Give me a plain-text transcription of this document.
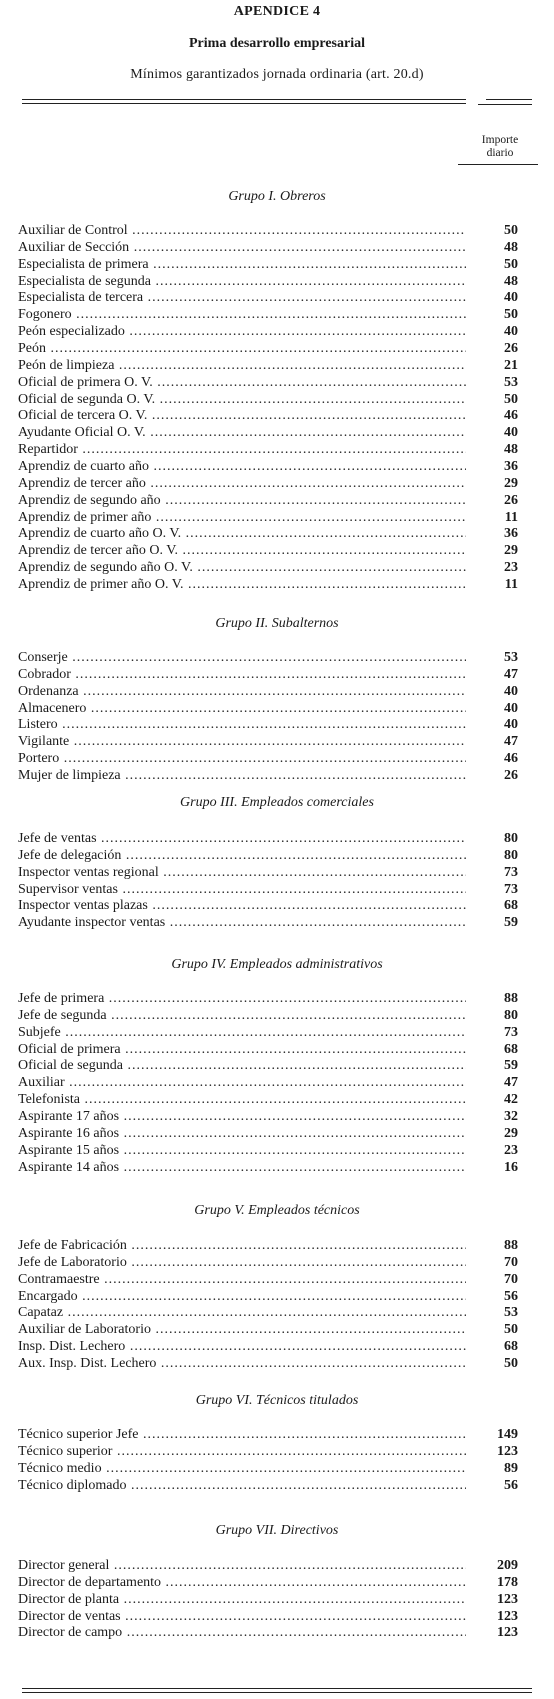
APENDICE 4
Prima desarrollo empresarial
Mínimos garantizados jornada ordinaria (art. 20.d)
Importe
diario
Grupo I. Obreros
Auxiliar de Control .....	50
Auxiliar de Sección .....	48
Especialista de primera .....	50
Especialista de segunda .....	48
Especialista de tercera .....	40
Fogonero .....	50
Peón especializado .....	40
Peón .....	26
Peón de limpieza .....	21
Oficial de primera O. V. .....	53
Oficial de segunda O. V. .....	50
Oficial de tercera O. V. .....	46
Ayudante Oficial O. V. .....	40
Repartidor .....	48
Aprendiz de cuarto año .....	36
Aprendiz de tercer año .....	29
Aprendiz de segundo año .....	26
Aprendiz de primer año .....	11
Aprendiz de cuarto año O. V. .....	36
Aprendiz de tercer año O. V. .....	29
Aprendiz de segundo año O. V. .....	23
Aprendiz de primer año O. V. .....	11
Grupo II. Subalternos
Conserje .....	53
Cobrador .....	47
Ordenanza .....	40
Almacenero .....	40
Listero .....	40
Vigilante .....	47
Portero .....	46
Mujer de limpieza .....	26
Grupo III. Empleados comerciales
Jefe de ventas .....	80
Jefe de delegación .....	80
Inspector ventas regional .....	73
Supervisor ventas .....	73
Inspector ventas plazas .....	68
Ayudante inspector ventas .....	59
Grupo IV. Empleados administrativos
Jefe de primera .....	88
Jefe de segunda .....	80
Subjefe .....	73
Oficial de primera .....	68
Oficial de segunda .....	59
Auxiliar .....	47
Telefonista .....	42
Aspirante 17 años .....	32
Aspirante 16 años .....	29
Aspirante 15 años .....	23
Aspirante 14 años .....	16
Grupo V. Empleados técnicos
Jefe de Fabricación .....	88
Jefe de Laboratorio .....	70
Contramaestre .....	70
Encargado .....	56
Capataz .....	53
Auxiliar de Laboratorio .....	50
Insp. Dist. Lechero .....	68
Aux. Insp. Dist. Lechero .....	50
Grupo VI. Técnicos titulados
Técnico superior Jefe .....	149
Técnico superior .....	123
Técnico medio .....	89
Técnico diplomado .....	56
Grupo VII. Directivos
Director general .....	209
Director de departamento .....	178
Director de planta .....	123
Director de ventas .....	123
Director de campo .....	123
